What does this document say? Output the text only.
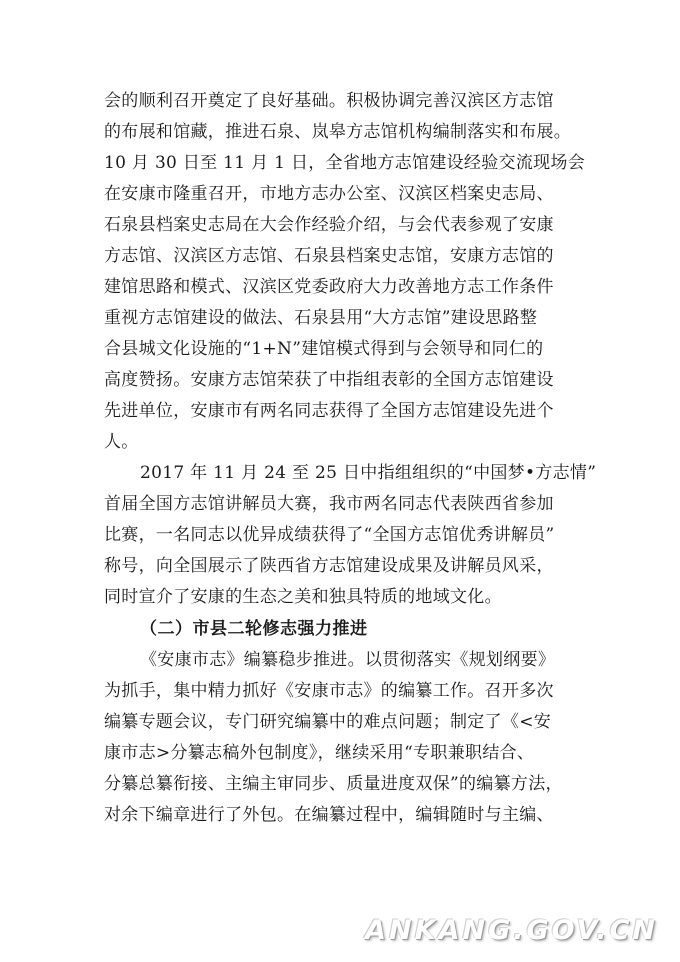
会的顺利召开奠定了良好基础。积极协调完善汉滨区方志馆
的布展和馆藏，推进石泉、岚皋方志馆机构编制落实和布展。
10 月 30 日至 11 月 1 日，全省地方志馆建设经验交流现场会
在安康市隆重召开，市地方志办公室、汉滨区档案史志局、
石泉县档案史志局在大会作经验介绍，与会代表参观了安康
方志馆、汉滨区方志馆、石泉县档案史志馆，安康方志馆的
建馆思路和模式、汉滨区党委政府大力改善地方志工作条件
重视方志馆建设的做法、石泉县用“大方志馆”建设思路整
合县城文化设施的“1+N”建馆模式得到与会领导和同仁的
高度赞扬。安康方志馆荣获了中指组表彰的全国方志馆建设
先进单位，安康市有两名同志获得了全国方志馆建设先进个
人。
2017 年 11 月 24 至 25 日中指组组织的“中国梦•方志情”
首届全国方志馆讲解员大赛，我市两名同志代表陕西省参加
比赛，一名同志以优异成绩获得了“全国方志馆优秀讲解员”
称号，向全国展示了陕西省方志馆建设成果及讲解员风采，
同时宣介了安康的生态之美和独具特质的地域文化。
（二）市县二轮修志强力推进
《安康市志》编纂稳步推进。以贯彻落实《规划纲要》
为抓手，集中精力抓好《安康市志》的编纂工作。召开多次
编纂专题会议，专门研究编纂中的难点问题；制定了《<安
康市志>分纂志稿外包制度》，继续采用“专职兼职结合、
分纂总纂衔接、主编主审同步、质量进度双保”的编纂方法，
对余下编章进行了外包。在编纂过程中，编辑随时与主编、
ANKANG.GOV.CN
